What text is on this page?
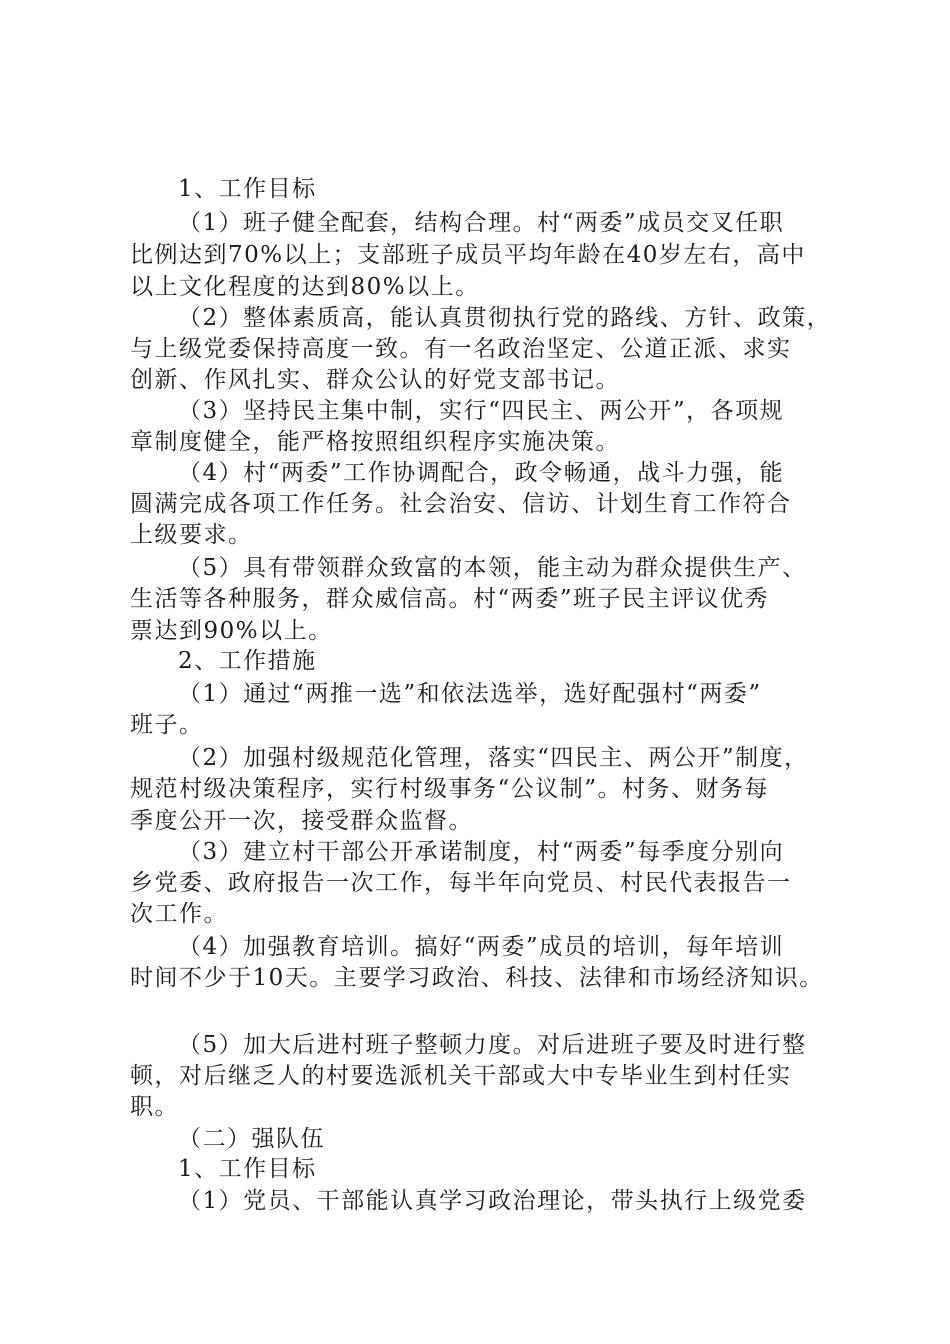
1、工作目标
（1）班子健全配套，结构合理。村“两委”成员交叉任职
比例达到70%以上；支部班子成员平均年龄在40岁左右，高中
以上文化程度的达到80%以上。
（2）整体素质高，能认真贯彻执行党的路线、方针、政策，
与上级党委保持高度一致。有一名政治坚定、公道正派、求实
创新、作风扎实、群众公认的好党支部书记。
（3）坚持民主集中制，实行“四民主、两公开”，各项规
章制度健全，能严格按照组织程序实施决策。
（4）村“两委”工作协调配合，政令畅通，战斗力强，能
圆满完成各项工作任务。社会治安、信访、计划生育工作符合
上级要求。
（5）具有带领群众致富的本领，能主动为群众提供生产、
生活等各种服务，群众威信高。村“两委”班子民主评议优秀
票达到90%以上。
2、工作措施
（1）通过“两推一选”和依法选举，选好配强村“两委”
班子。
（2）加强村级规范化管理，落实“四民主、两公开”制度，
规范村级决策程序，实行村级事务“公议制”。村务、财务每
季度公开一次，接受群众监督。
（3）建立村干部公开承诺制度，村“两委”每季度分别向
乡党委、政府报告一次工作，每半年向党员、村民代表报告一
次工作。
（4）加强教育培训。搞好“两委”成员的培训，每年培训
时间不少于10天。主要学习政治、科技、法律和市场经济知识。
（5）加大后进村班子整顿力度。对后进班子要及时进行整
顿，对后继乏人的村要选派机关干部或大中专毕业生到村任实
职。
（二）强队伍
1、工作目标
（1）党员、干部能认真学习政治理论，带头执行上级党委
